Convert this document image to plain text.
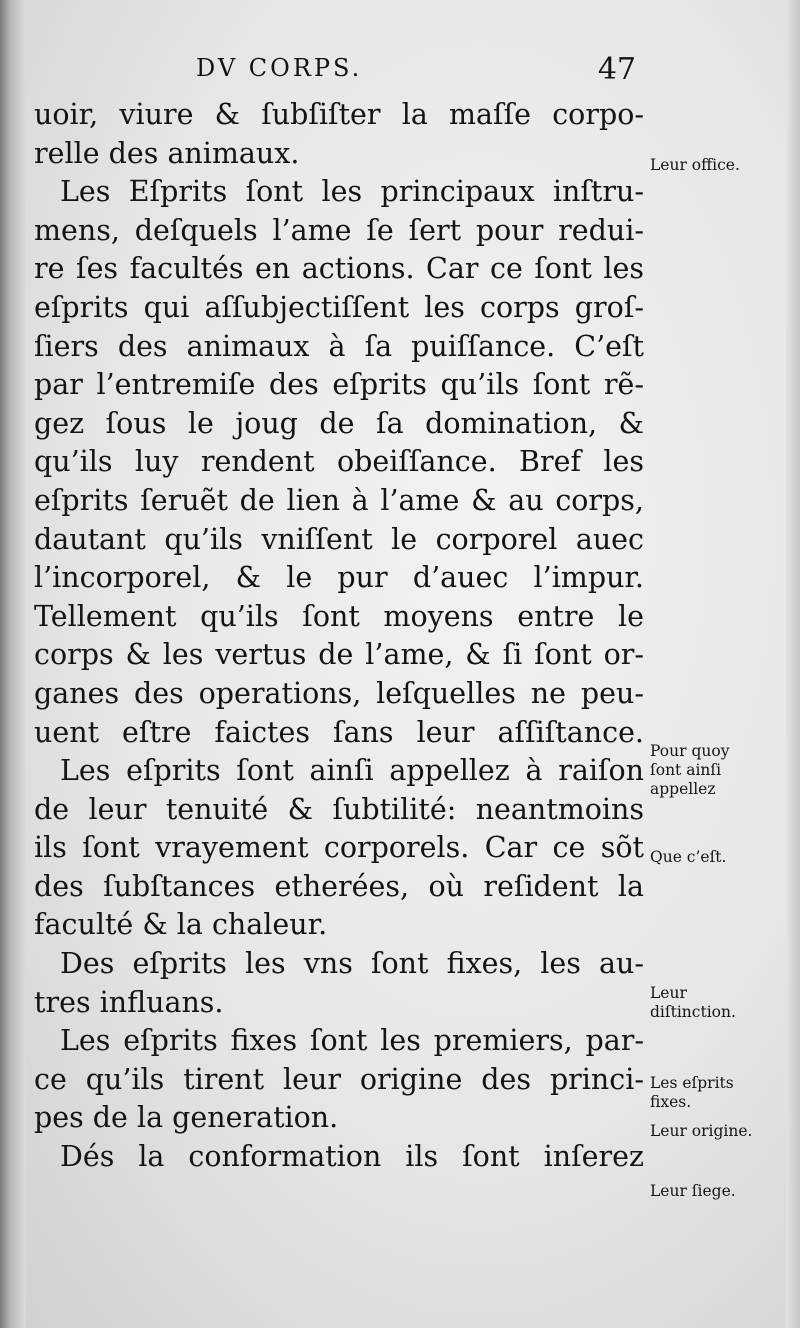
DV CORPS.	47
uoir, viure & ſubſiſter la maſſe corpo-
relle des animaux.
Les Eſprits ſont les principaux inſtru-
mens, deſquels l’ame ſe ſert pour redui-
re ſes facultés en actions. Car ce ſont les
eſprits qui aſſubjectiſſent les corps groſ-
ſiers des animaux à ſa puiſſance. C’eſt
par l’entremiſe des eſprits qu’ils ſont rẽ-
gez ſous le joug de ſa domination, &
qu’ils luy rendent obeiſſance. Bref les
eſprits ſeruẽt de lien à l’ame & au corps,
dautant qu’ils vniſſent le corporel auec
l’incorporel, & le pur d’auec l’impur.
Tellement qu’ils ſont moyens entre le
corps & les vertus de l’ame, & ſi ſont or-
ganes des operations, leſquelles ne peu-
uent eſtre faictes ſans leur aſſiſtance.
Les eſprits ſont ainſi appellez à raiſon
de leur tenuité & ſubtilité: neantmoins
ils ſont vrayement corporels. Car ce sõt
des ſubſtances etherées, où reſident la
faculté & la chaleur.
Des eſprits les vns ſont fixes, les au-
tres influans.
Les eſprits fixes ſont les premiers, par-
ce qu’ils tirent leur origine des princi-
pes de la generation.
Dés la conformation ils ſont inſerez
Leur office.
Pour quoy ſont ainſi appellez
Que c’eſt.
Leur diſtinction.
Les eſprits fixes.
Leur origine.
Leur ſiege.
